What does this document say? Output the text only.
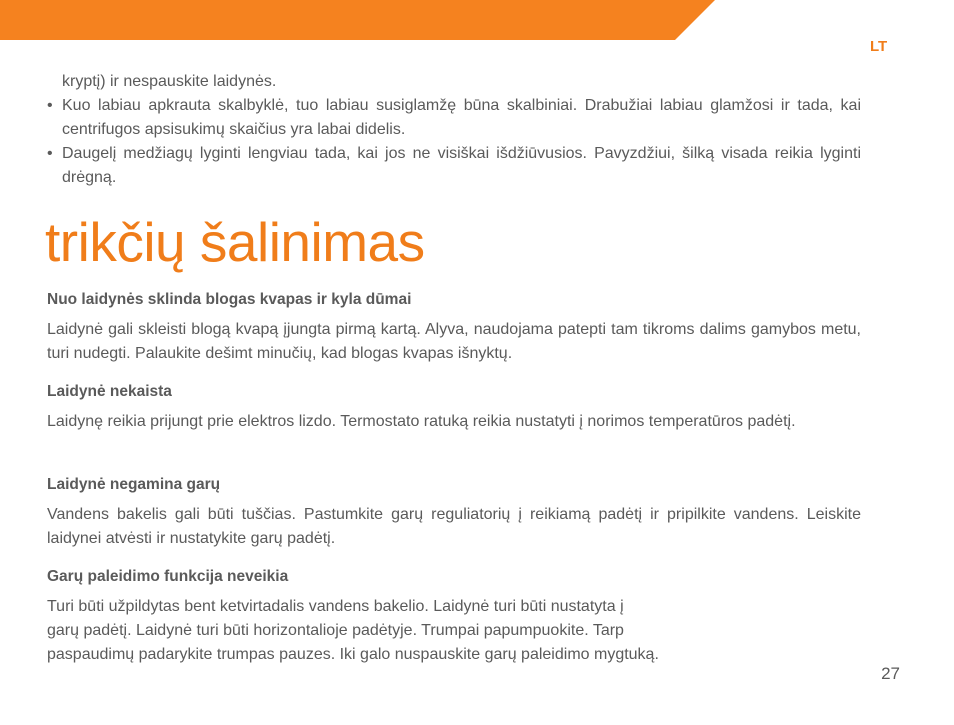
LT
kryptį) ir nespauskite laidynės.
• Kuo labiau apkrauta skalbyklė, tuo labiau susiglamžę būna skalbiniai. Drabužiai labiau glamžosi ir tada, kai centrifugos apsisukimų skaičius yra labai didelis.
• Daugelį medžiagų lyginti lengviau tada, kai jos ne visiškai išdžiūvusios. Pavyzdžiui, šilką visada reikia lyginti drėgną.
trikčių šalinimas
Nuo laidynės sklinda blogas kvapas ir kyla dūmai
Laidynė gali skleisti blogą kvapą įjungta pirmą kartą. Alyva, naudojama patepti tam tikroms dalims gamybos metu, turi nudegti. Palaukite dešimt minučių, kad blogas kvapas išnyktų.
Laidynė nekaista
Laidynę reikia prijungt prie elektros lizdo. Termostato ratuką reikia nustatyti į norimos temperatūros padėtį.
Laidynė negamina garų
Vandens bakelis gali būti tuščias. Pastumkite garų reguliatorių į reikiamą padėtį ir pripilkite vandens. Leiskite laidynei atvėsti ir nustatykite garų padėtį.
Garų paleidimo funkcija neveikia
Turi būti užpildytas bent ketvirtadalis vandens bakelio. Laidynė turi būti nustatyta į
garų padėtį. Laidynė turi būti horizontalioje padėtyje. Trumpai papumpuokite. Tarp
paspaudimų padarykite trumpas pauzes. Iki galo nuspauskite garų paleidimo mygtuką.
27
